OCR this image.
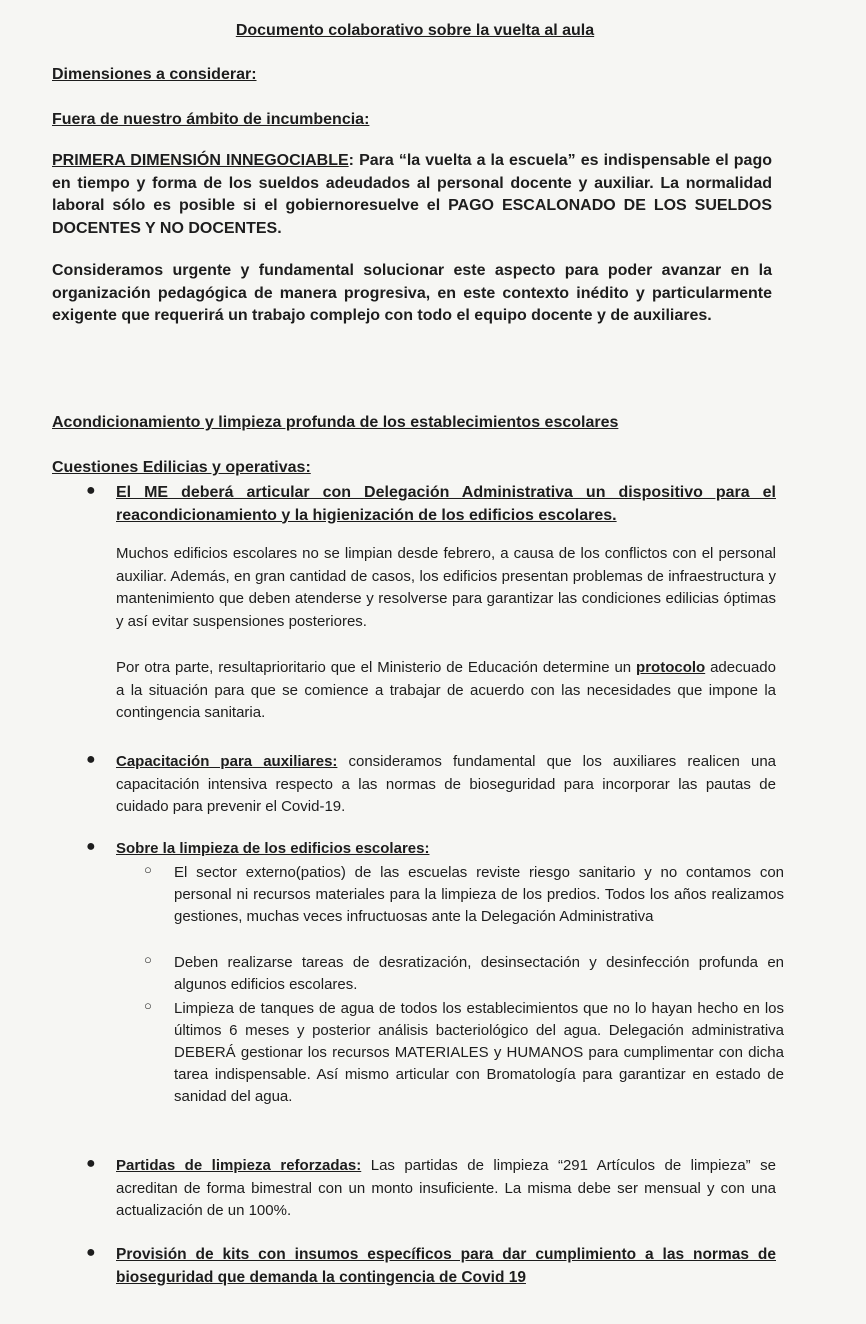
Documento colaborativo sobre la vuelta al aula

Dimensiones a considerar:

Fuera de nuestro ámbito de incumbencia:

PRIMERA DIMENSIÓN INNEGOCIABLE: Para “la vuelta a la escuela” es indispensable el pago en tiempo y forma de los sueldos adeudados al personal docente y auxiliar. La normalidad laboral sólo es posible si el gobiernoresuelve el PAGO ESCALONADO DE LOS SUELDOS DOCENTES Y NO DOCENTES.

Consideramos urgente y fundamental solucionar este aspecto para poder avanzar en la organización pedagógica de manera progresiva, en este contexto inédito y particularmente exigente que requerirá un trabajo complejo con todo el equipo docente y de auxiliares.

Acondicionamiento y limpieza profunda de los establecimientos escolares

Cuestiones Edilicias y operativas:

● El ME deberá articular con Delegación Administrativa un dispositivo para el reacondicionamiento y la higienización de los edificios escolares.

Muchos edificios escolares no se limpian desde febrero, a causa de los conflictos con el personal auxiliar. Además, en gran cantidad de casos, los edificios presentan problemas de infraestructura y mantenimiento que deben atenderse y resolverse para garantizar las condiciones edilicias óptimas y así evitar suspensiones posteriores.

Por otra parte, resultaprioritario que el Ministerio de Educación determine un protocolo adecuado a la situación para que se comience a trabajar de acuerdo con las necesidades que impone la contingencia sanitaria.

● Capacitación para auxiliares: consideramos fundamental que los auxiliares realicen una capacitación intensiva respecto a las normas de bioseguridad para incorporar las pautas de cuidado para prevenir el Covid-19.
● Sobre la limpieza de los edificios escolares:
○ El sector externo(patios) de las escuelas reviste riesgo sanitario y no contamos con personal ni recursos materiales para la limpieza de los predios. Todos los años realizamos gestiones, muchas veces infructuosas ante la Delegación Administrativa
○ Deben realizarse tareas de desratización, desinsectación y desinfección profunda en algunos edificios escolares.
○ Limpieza de tanques de agua de todos los establecimientos que no lo hayan hecho en los últimos 6 meses y posterior análisis bacteriológico del agua. Delegación administrativa DEBERÁ gestionar los recursos MATERIALES y HUMANOS para cumplimentar con dicha tarea indispensable. Así mismo articular con Bromatología para garantizar en estado de sanidad del agua.
● Partidas de limpieza reforzadas: Las partidas de limpieza “291 Artículos de limpieza” se acreditan de forma bimestral con un monto insuficiente. La misma debe ser mensual y con una actualización de un 100%.
● Provisión de kits con insumos específicos para dar cumplimiento a las normas de bioseguridad que demanda la contingencia de Covid 19
